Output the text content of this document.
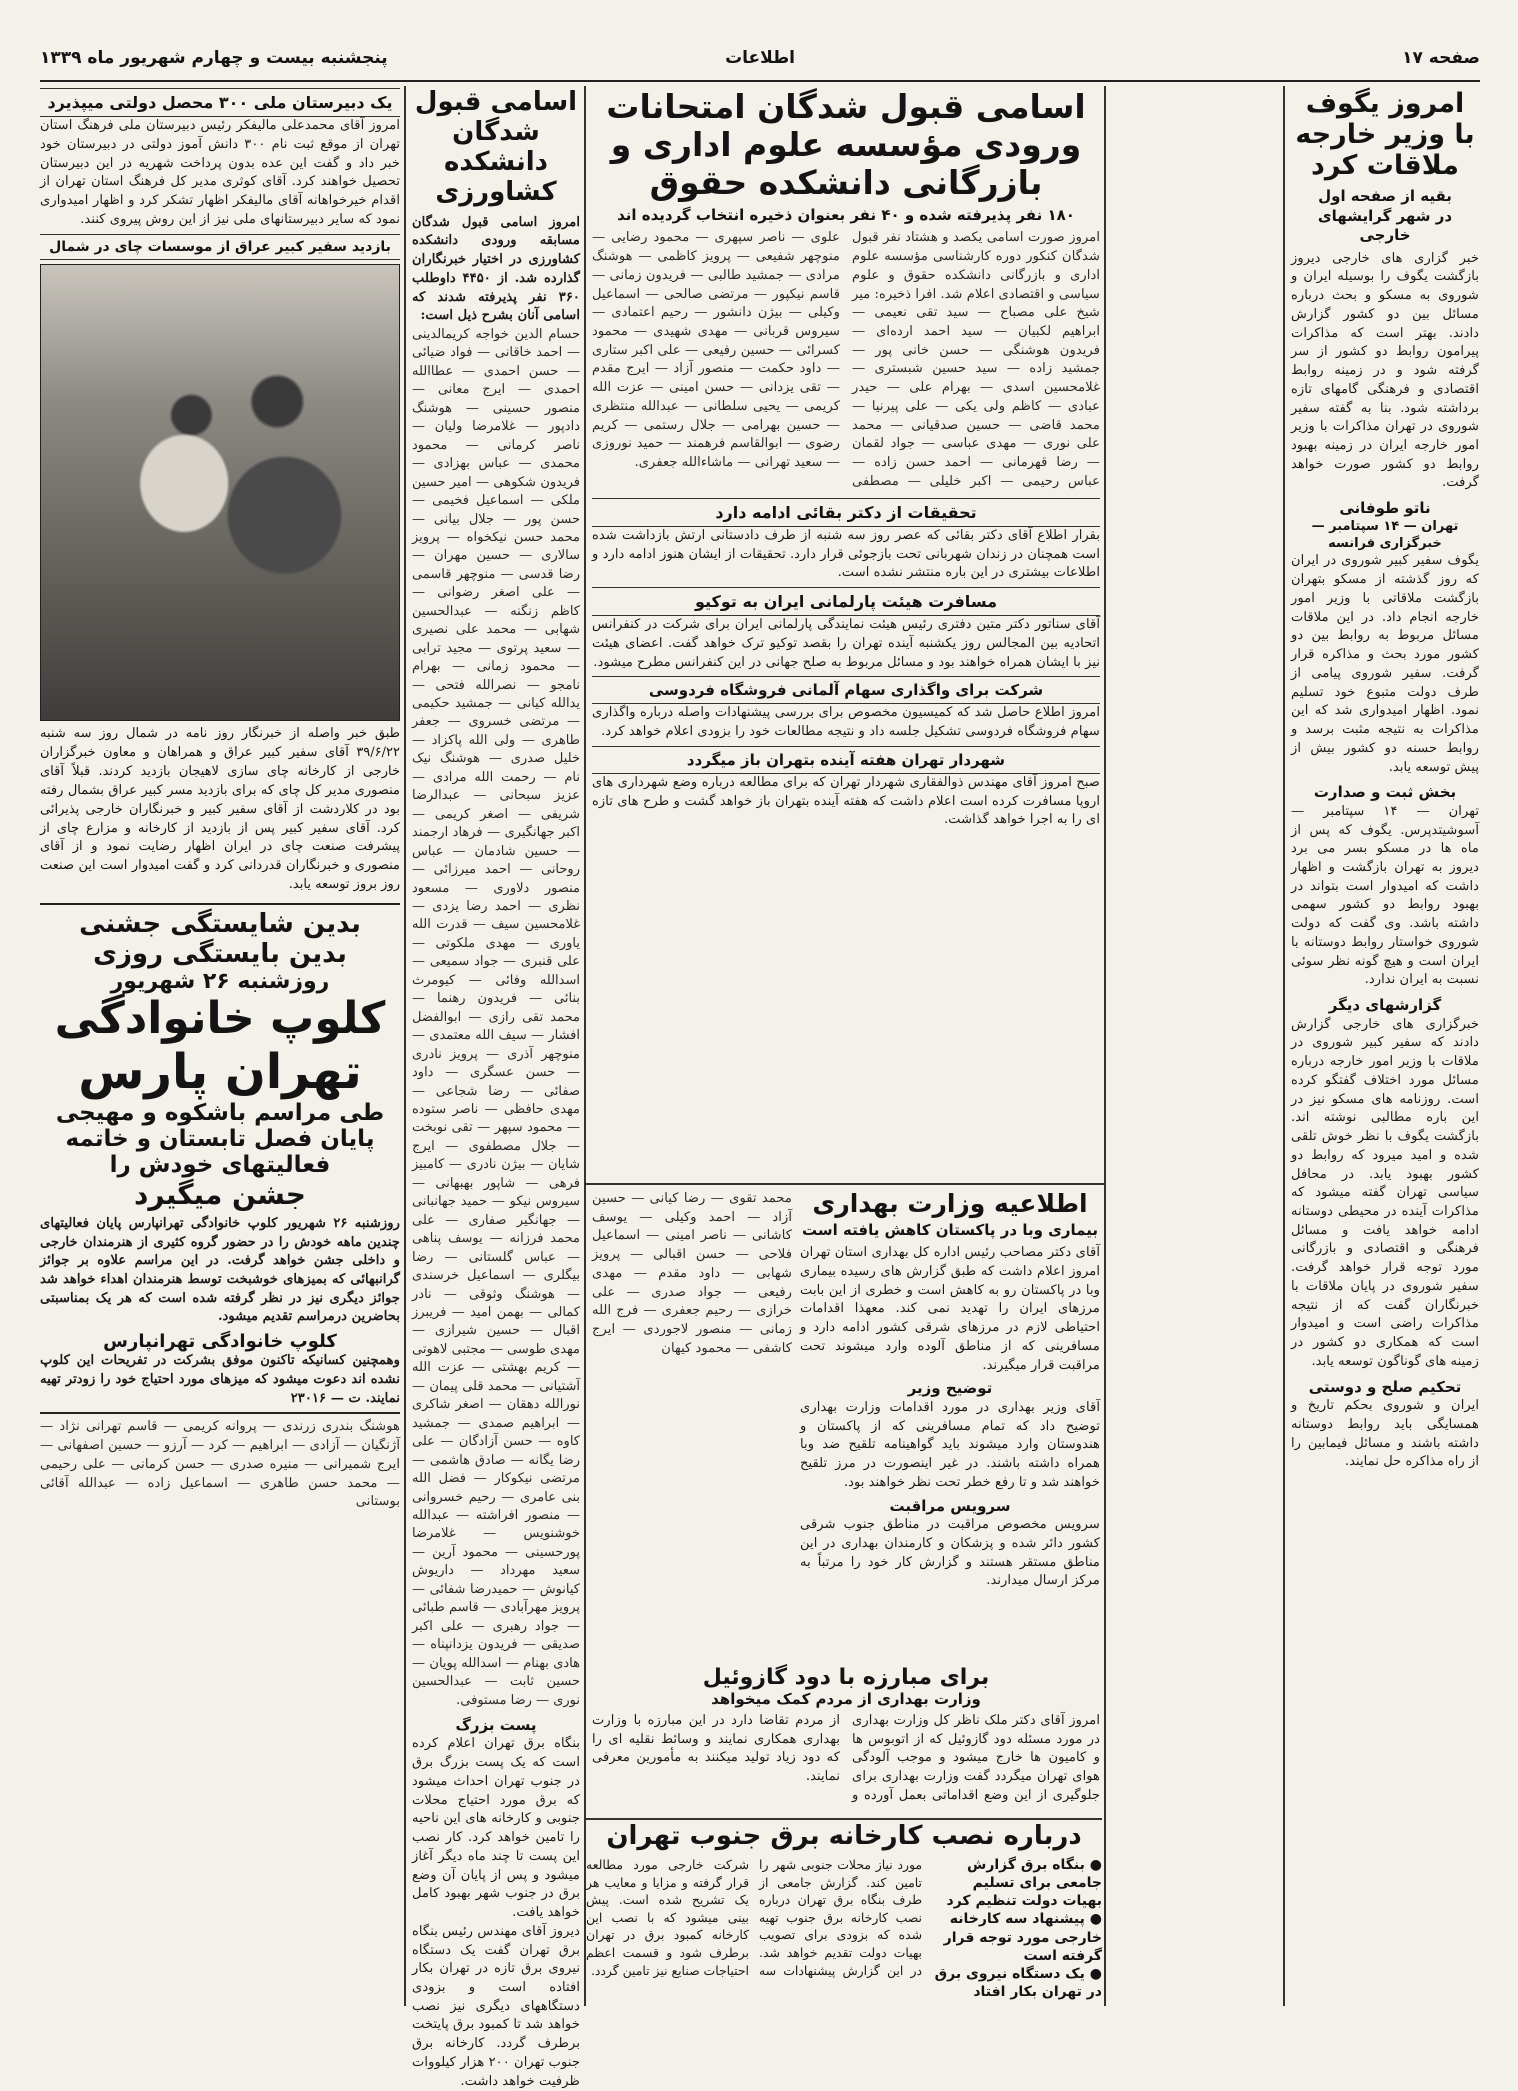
صفحه ۱۷
اطلاعات
پنجشنبه بیست و چهارم شهریور ماه ۱۳۳۹
امروز یگوف با وزیر خارجه ملاقات کرد
بقیه از صفحه اول
در شهر گرایشهای خارجی
خبر گزاری های خارجی دیروز بازگشت یگوف را بوسیله ایران و شوروی به مسکو و بحث درباره مسائل بین دو کشور گزارش دادند. بهتر است که مذاکرات پیرامون روابط دو کشور از سر گرفته شود و در زمینه روابط اقتصادی و فرهنگی گامهای تازه برداشته شود. بنا به گفته سفیر شوروی در تهران مذاکرات با وزیر امور خارجه ایران در زمینه بهبود روابط دو کشور صورت خواهد گرفت.
ناتو طوفانی
تهران — ۱۴ سپتامبر — خبرگزاری فرانسه
یگوف سفیر کبیر شوروی در ایران که روز گذشته از مسکو بتهران بازگشت ملاقاتی با وزیر امور خارجه انجام داد. در این ملاقات مسائل مربوط به روابط بین دو کشور مورد بحث و مذاکره قرار گرفت. سفیر شوروی پیامی از طرف دولت متبوع خود تسلیم نمود. اظهار امیدواری شد که این مذاکرات به نتیجه مثبت برسد و روابط حسنه دو کشور بیش از پیش توسعه یابد.
بخش ثبت و صدارت
تهران — ۱۴ سپتامبر — آسوشیتدپرس. یگوف که پس از ماه ها در مسکو بسر می برد دیروز به تهران بازگشت و اظهار داشت که امیدوار است بتواند در بهبود روابط دو کشور سهمی داشته باشد. وی گفت که دولت شوروی خواستار روابط دوستانه با ایران است و هیچ گونه نظر سوئی نسبت به ایران ندارد.
گزارشهای دیگر
خبرگزاری های خارجی گزارش دادند که سفیر کبیر شوروی در ملاقات با وزیر امور خارجه درباره مسائل مورد اختلاف گفتگو کرده است. روزنامه های مسکو نیز در این باره مطالبی نوشته اند. بازگشت یگوف با نظر خوش تلقی شده و امید میرود که روابط دو کشور بهبود یابد. در محافل سیاسی تهران گفته میشود که مذاکرات آینده در محیطی دوستانه ادامه خواهد یافت و مسائل فرهنگی و اقتصادی و بازرگانی مورد توجه قرار خواهد گرفت. سفیر شوروی در پایان ملاقات با خبرنگاران گفت که از نتیجه مذاکرات راضی است و امیدوار است که همکاری دو کشور در زمینه های گوناگون توسعه یابد.
تحکیم صلح و دوستی
ایران و شوروی بحکم تاریخ و همسایگی باید روابط دوستانه داشته باشند و مسائل فیمابین را از راه مذاکره حل نمایند.
اسامی قبول شدگان امتحانات ورودی مؤسسه علوم اداری و بازرگانی دانشکده حقوق
۱۸۰ نفر پذیرفته شده و ۴۰ نفر بعنوان ذخیره انتخاب گردیده اند
امروز صورت اسامی یکصد و هشتاد نفر قبول شدگان کنکور دوره کارشناسی مؤسسه علوم اداری و بازرگانی دانشکده حقوق و علوم سیاسی و اقتصادی اعلام شد. افرا ذخیره: میر شیخ علی مصباح — سید تقی نعیمی — ابراهیم لکبیان — سید احمد ارده‌ای — فریدون هوشنگی — حسن خانی پور — جمشید زاده — سید حسین شبستری — غلامحسین اسدی — بهرام علی — حیدر عبادی — کاظم ولی یکی — علی پیرنیا — محمد قاضی — حسین صدقیانی — محمد علی نوری — مهدی عباسی — جواد لقمان — رضا قهرمانی — احمد حسن زاده — عباس رحیمی — اکبر خلیلی — مصطفی علوی — ناصر سپهری — محمود رضایی — منوچهر شفیعی — پرویز کاظمی — هوشنگ مرادی — جمشید طالبی — فریدون زمانی — قاسم نیکپور — مرتضی صالحی — اسماعیل وکیلی — بیژن دانشور — رحیم اعتمادی — سیروس قربانی — مهدی شهیدی — محمود کسرائی — حسین رفیعی — علی اکبر ستاری — داود حکمت — منصور آزاد — ایرج مقدم — تقی یزدانی — حسن امینی — عزت الله کریمی — یحیی سلطانی — عبدالله منتظری — حسین بهرامی — جلال رستمی — کریم رضوی — ابوالقاسم فرهمند — حمید نوروزی — سعید تهرانی — ماشاءالله جعفری.
تحقیقات از دکتر بقائی ادامه دارد
بقرار اطلاع آقای دکتر بقائی که عصر روز سه شنبه از طرف دادستانی ارتش بازداشت شده است همچنان در زندان شهربانی تحت بازجوئی قرار دارد. تحقیقات از ایشان هنوز ادامه دارد و اطلاعات بیشتری در این باره منتشر نشده است.
مسافرت هیئت پارلمانی ایران به توکیو
آقای سناتور دکتر متین دفتری رئیس هیئت نمایندگی پارلمانی ایران برای شرکت در کنفرانس اتحادیه بین المجالس روز یکشنبه آینده تهران را بقصد توکیو ترک خواهد گفت. اعضای هیئت نیز با ایشان همراه خواهند بود و مسائل مربوط به صلح جهانی در این کنفرانس مطرح میشود.
شرکت برای واگذاری سهام آلمانی فروشگاه فردوسی
امروز اطلاع حاصل شد که کمیسیون مخصوص برای بررسی پیشنهادات واصله درباره واگذاری سهام فروشگاه فردوسی تشکیل جلسه داد و نتیجه مطالعات خود را بزودی اعلام خواهد کرد.
شهردار تهران هفته آینده بتهران باز میگردد
صبح امروز آقای مهندس ذوالفقاری شهردار تهران که برای مطالعه درباره وضع شهرداری های اروپا مسافرت کرده است اعلام داشت که هفته آینده بتهران باز خواهد گشت و طرح های تازه ای را به اجرا خواهد گذاشت.
اطلاعیه وزارت بهداری
بیماری وبا در پاکستان کاهش یافته است
آقای دکتر مصاحب رئیس اداره کل بهداری استان تهران امروز اعلام داشت که طبق گزارش های رسیده بیماری وبا در پاکستان رو به کاهش است و خطری از این بابت مرزهای ایران را تهدید نمی کند. معهذا اقدامات احتیاطی لازم در مرزهای شرقی کشور ادامه دارد و مسافرینی که از مناطق آلوده وارد میشوند تحت مراقبت قرار میگیرند.
توضیح وزیر
آقای وزیر بهداری در مورد اقدامات وزارت بهداری توضیح داد که تمام مسافرینی که از پاکستان و هندوستان وارد میشوند باید گواهینامه تلقیح ضد وبا همراه داشته باشند. در غیر اینصورت در مرز تلقیح خواهند شد و تا رفع خطر تحت نظر خواهند بود.
سرویس مراقبت
سرویس مخصوص مراقبت در مناطق جنوب شرقی کشور دائر شده و پزشکان و کارمندان بهداری در این مناطق مستقر هستند و گزارش کار خود را مرتباً به مرکز ارسال میدارند.
محمد تقوی — رضا کیانی — حسین آزاد — احمد وکیلی — یوسف کاشانی — ناصر امینی — اسماعیل فلاحی — حسن اقبالی — پرویز شهابی — داود مقدم — مهدی رفیعی — جواد صدری — علی خرازی — رحیم جعفری — فرج الله زمانی — منصور لاجوردی — ایرج کاشفی — محمود کیهان
برای مبارزه با دود گازوئیل
وزارت بهداری از مردم کمک میخواهد
امروز آقای دکتر ملک ناظر کل وزارت بهداری در مورد مسئله دود گازوئیل که از اتوبوس ها و کامیون ها خارج میشود و موجب آلودگی هوای تهران میگردد گفت وزارت بهداری برای جلوگیری از این وضع اقداماتی بعمل آورده و از مردم تقاضا دارد در این مبارزه با وزارت بهداری همکاری نمایند و وسائط نقلیه ای را که دود زیاد تولید میکنند به مأمورین معرفی نمایند.
درباره نصب کارخانه برق جنوب تهران
● بنگاه برق گزارش جامعی برای تسلیم بهیات دولت تنظیم کرد
● پیشنهاد سه کارخانه خارجی مورد توجه قرار گرفته است
● یک دستگاه نیروی برق در تهران بکار افتاد
مورد نیاز محلات جنوبی شهر را تامین کند. گزارش جامعی از طرف بنگاه برق تهران درباره نصب کارخانه برق جنوب تهیه شده که بزودی برای تصویب بهیات دولت تقدیم خواهد شد. در این گزارش پیشنهادات سه شرکت خارجی مورد مطالعه قرار گرفته و مزایا و معایب هر یک تشریح شده است. پیش بینی میشود که با نصب این کارخانه کمبود برق در تهران برطرف شود و قسمت اعظم احتیاجات صنایع نیز تامین گردد.
اسامی قبول شدگان دانشکده کشاورزی
امروز اسامی قبول شدگان مسابقه ورودی دانشکده کشاورزی در اختیار خبرنگاران گذارده شد. از ۴۴۵۰ داوطلب ۳۶۰ نفر پذیرفته شدند که اسامی آنان بشرح ذیل است:
حسام الدین خواجه کریمالدینی — احمد خاقانی — فواد ضیائی — حسن احمدی — عطاالله احمدی — ایرج معانی — منصور حسینی — هوشنگ دادپور — غلامرضا ولیان — ناصر کرمانی — محمود محمدی — عباس بهزادی — فریدون شکوهی — امیر حسین ملکی — اسماعیل فخیمی — حسن پور — جلال بیانی — محمد حسن نیکخواه — پرویز سالاری — حسین مهران — رضا قدسی — منوچهر قاسمی — علی اصغر رضوانی — کاظم زنگنه — عبدالحسین شهابی — محمد علی نصیری — سعید پرتوی — مجید ترابی — محمود زمانی — بهرام نامجو — نصرالله فتحی — یدالله کیانی — جمشید حکیمی — مرتضی خسروی — جعفر طاهری — ولی الله پاکزاد — خلیل صدری — هوشنگ نیک نام — رحمت الله مرادی — عزیز سبحانی — عبدالرضا شریفی — اصغر کریمی — اکبر جهانگیری — فرهاد ارجمند — حسین شادمان — عباس روحانی — احمد میرزائی — منصور دلاوری — مسعود نظری — احمد رضا یزدی — غلامحسین سیف — قدرت الله یاوری — مهدی ملکوتی — علی قنبری — جواد سمیعی — اسدالله وفائی — کیومرث بنائی — فریدون رهنما — محمد تقی رازی — ابوالفضل افشار — سیف الله معتمدی — منوچهر آذری — پرویز نادری — حسن عسگری — داود صفائی — رضا شجاعی — مهدی حافظی — ناصر ستوده — محمود سپهر — تقی نوبخت — جلال مصطفوی — ایرج شایان — بیژن نادری — کامبیز فرهی — شاپور بهبهانی — سیروس نیکو — حمید جهانبانی — جهانگیر صفاری — علی محمد فرزانه — یوسف پناهی — عباس گلستانی — رضا بیگلری — اسماعیل خرسندی — هوشنگ وثوقی — نادر کمالی — بهمن امید — فریبرز اقبال — حسین شیرازی — مهدی طوسی — مجتبی لاهوتی — کریم بهشتی — عزت الله آشتیانی — محمد قلی پیمان — نورالله دهقان — اصغر شاکری — ابراهیم صمدی — جمشید کاوه — حسن آزادگان — علی رضا یگانه — صادق هاشمی — مرتضی نیکوکار — فضل الله بنی عامری — رحیم خسروانی — منصور افراشته — عبدالله خوشنویس — غلامرضا پورحسینی — محمود آرین — سعید مهرداد — داریوش کیانوش — حمیدرضا شفائی — پرویز مهرآبادی — قاسم طبائی — جواد رهبری — علی اکبر صدیقی — فریدون یزدانپناه — هادی بهنام — اسدالله پویان — حسین ثابت — عبدالحسین نوری — رضا مستوفی.
پست بزرگ
بنگاه برق تهران اعلام کرده است که یک پست بزرگ برق در جنوب تهران احداث میشود که برق مورد احتیاج محلات جنوبی و کارخانه های این ناحیه را تامین خواهد کرد. کار نصب این پست تا چند ماه دیگر آغاز میشود و پس از پایان آن وضع برق در جنوب شهر بهبود کامل خواهد یافت.
دیروز آقای مهندس رئیس بنگاه برق تهران گفت یک دستگاه نیروی برق تازه در تهران بکار افتاده است و بزودی دستگاههای دیگری نیز نصب خواهد شد تا کمبود برق پایتخت برطرف گردد. کارخانه برق جنوب تهران ۲۰۰ هزار کیلووات ظرفیت خواهد داشت.
یک دبیرستان ملی ۳۰۰ محصل دولتی میپذیرد
امروز آقای محمدعلی مالیفکر رئیس دبیرستان ملی فرهنگ استان تهران از موقع ثبت نام ۳۰۰ دانش آموز دولتی در دبیرستان خود خبر داد و گفت این عده بدون پرداخت شهریه در این دبیرستان تحصیل خواهند کرد. آقای کوثری مدیر کل فرهنگ استان تهران از اقدام خیرخواهانه آقای مالیفکر اظهار تشکر کرد و اظهار امیدواری نمود که سایر دبیرستانهای ملی نیز از این روش پیروی کنند.
بازدید سفیر کبیر عراق از موسسات چای در شمال
طبق خبر واصله از خبرنگار روز نامه در شمال روز سه شنبه ۳۹/۶/۲۲ آقای سفیر کبیر عراق و همراهان و معاون خبرگزاران خارجی از کارخانه چای سازی لاهیجان بازدید کردند. قبلاً آقای منصوری مدیر کل چای که برای بازدید مسر کبیر عراق بشمال رفته بود در کلاردشت از آقای سفیر کبیر و خبرنگاران خارجی پذیرائی کرد. آقای سفیر کبیر پس از بازدید از کارخانه و مزارع چای از پیشرفت صنعت چای در ایران اظهار رضایت نمود و از آقای منصوری و خبرنگاران قدردانی کرد و گفت امیدوار است این صنعت روز بروز توسعه یابد.
بدین شایستگی جشنی
بدین بایستگی روزی
روزشنبه ۲۶ شهریور
کلوپ خانوادگی
تهران پارس
طی مراسم باشکوه و مهیجی
پایان فصل تابستان و خاتمه
فعالیتهای خودش را
جشن میگیرد
روزشنبه ۲۶ شهریور کلوپ خانوادگی تهرانپارس پایان فعالیتهای چندین ماهه خودش را در حضور گروه کثیری از هنرمندان خارجی و داخلی جشن خواهد گرفت. در این مراسم علاوه بر جوائز گرانبهائی که بمیزهای خوشبخت توسط هنرمندان اهداء خواهد شد جوائز دیگری نیز در نظر گرفته شده است که هر یک بمناسبتی بحاضرین درمراسم تقدیم میشود.
کلوپ خانوادگی تهرانپارس
وهمچنین کسانیکه تاکنون موفق بشرکت در تفریحات این کلوپ نشده اند دعوت میشود که میزهای مورد احتیاج خود را زودتر تهیه نمایند. ت — ۲۳۰۱۶
هوشنگ بندری زرندی — پروانه کریمی — قاسم تهرانی نژاد — آژنگیان — آزادی — ابراهیم — کرد — آرزو — حسین اصفهانی — ایرج شمیرانی — منیره صدری — حسن کرمانی — علی رحیمی — محمد حسن طاهری — اسماعیل زاده — عبدالله آقائی بوستانی
